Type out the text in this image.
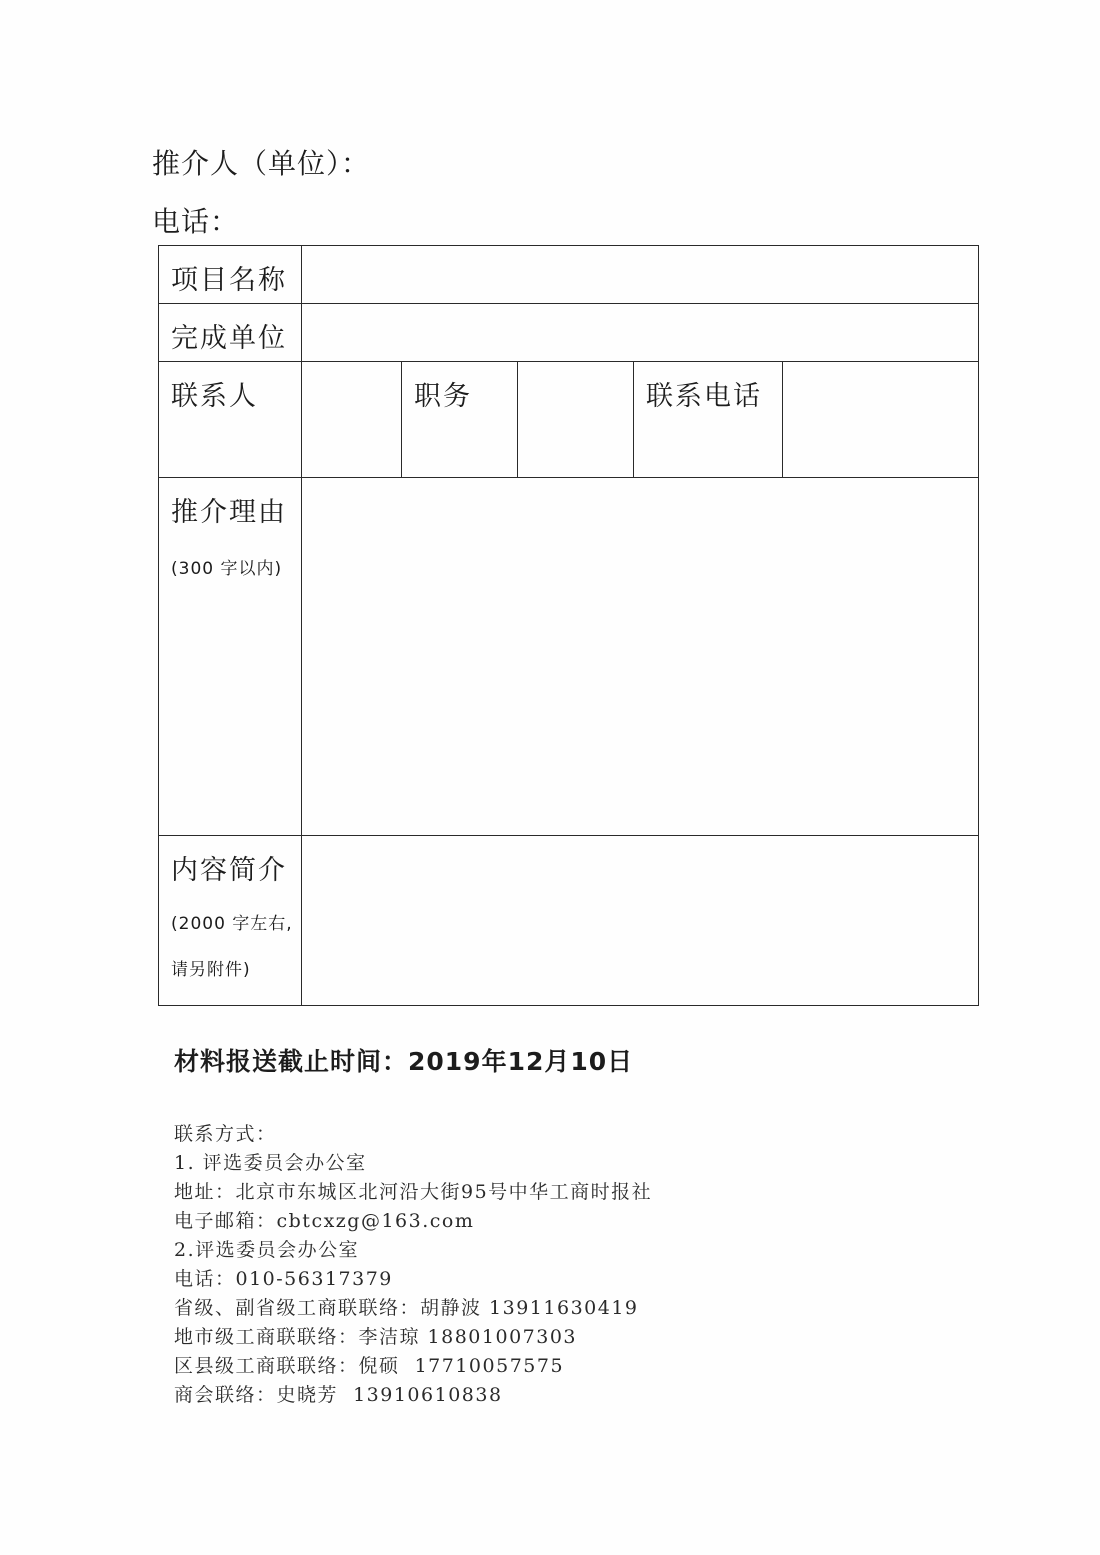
推介人（单位）：
电话：
项目名称					
完成单位					
联系人		职务		联系电话	
推介理由
(300 字以内)					

内容简介
(2000 字左右,
请另附件)					

材料报送截止时间：2019年12月10日
联系方式：
1. 评选委员会办公室
地址：北京市东城区北河沿大街95号中华工商时报社
电子邮箱：cbtcxzg@163.com
2.评选委员会办公室
电话：010-56317379
省级、副省级工商联联络：胡静波 13911630419
地市级工商联联络：李洁琼 18801007303
区县级工商联联络：倪硕  17710057575
商会联络：史晓芳  13910610838
